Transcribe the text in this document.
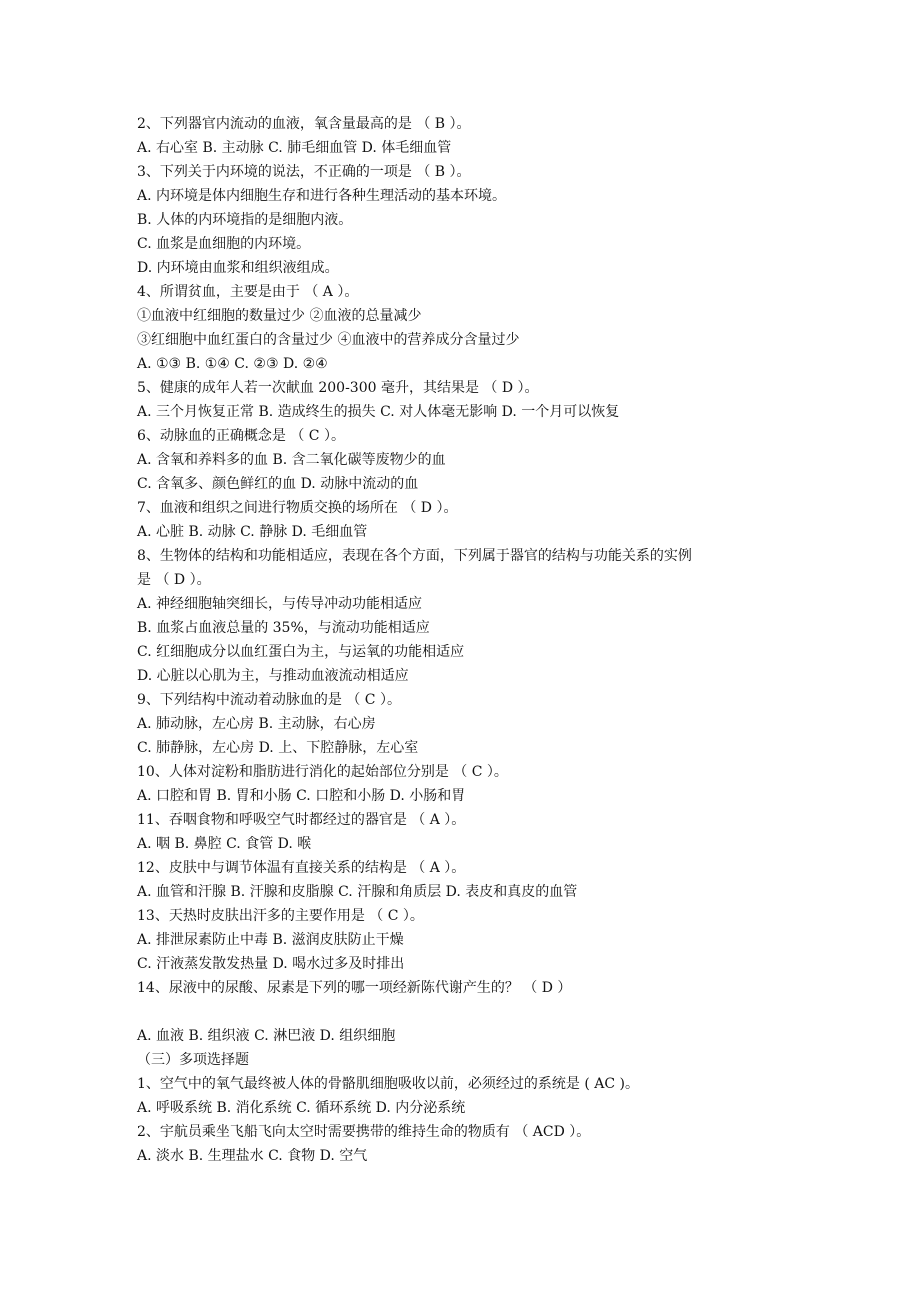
2、下列器官内流动的血液，氧含量最高的是 （ B ）。
A. 右心室 B. 主动脉 C. 肺毛细血管 D. 体毛细血管
3、下列关于内环境的说法，不正确的一项是 （ B ）。
A. 内环境是体内细胞生存和进行各种生理活动的基本环境。
B. 人体的内环境指的是细胞内液。
C. 血浆是血细胞的内环境。
D. 内环境由血浆和组织液组成。
4、所谓贫血，主要是由于 （ A ）。
①血液中红细胞的数量过少 ②血液的总量减少
③红细胞中血红蛋白的含量过少 ④血液中的营养成分含量过少
A. ①③ B. ①④ C. ②③ D. ②④
5、健康的成年人若一次献血 200-300 毫升，其结果是 （ D ）。
A. 三个月恢复正常 B. 造成终生的损失 C. 对人体毫无影响 D. 一个月可以恢复
6、动脉血的正确概念是 （ C ）。
A. 含氧和养料多的血 B. 含二氧化碳等废物少的血
C. 含氧多、颜色鲜红的血 D. 动脉中流动的血
7、血液和组织之间进行物质交换的场所在 （ D ）。
A. 心脏 B. 动脉 C. 静脉 D. 毛细血管
8、生物体的结构和功能相适应，表现在各个方面，下列属于器官的结构与功能关系的实例
是 （ D ）。
A. 神经细胞轴突细长，与传导冲动功能相适应
B. 血浆占血液总量的 35%，与流动功能相适应
C. 红细胞成分以血红蛋白为主，与运氧的功能相适应
D. 心脏以心肌为主，与推动血液流动相适应
9、下列结构中流动着动脉血的是 （ C ）。
A. 肺动脉，左心房 B. 主动脉，右心房
C. 肺静脉，左心房 D. 上、下腔静脉，左心室
10、人体对淀粉和脂肪进行消化的起始部位分别是 （ C ）。
A. 口腔和胃 B. 胃和小肠 C. 口腔和小肠 D. 小肠和胃
11、吞咽食物和呼吸空气时都经过的器官是 （ A ）。
A. 咽 B. 鼻腔 C. 食管 D. 喉
12、皮肤中与调节体温有直接关系的结构是 （ A ）。
A. 血管和汗腺 B. 汗腺和皮脂腺 C. 汗腺和角质层 D. 表皮和真皮的血管
13、天热时皮肤出汗多的主要作用是 （ C ）。
A. 排泄尿素防止中毒 B. 滋润皮肤防止干燥
C. 汗液蒸发散发热量 D. 喝水过多及时排出
14、尿液中的尿酸、尿素是下列的哪一项经新陈代谢产生的？ （ D ）
A. 血液 B. 组织液 C. 淋巴液 D. 组织细胞
（三）多项选择题
1、空气中的氧气最终被人体的骨骼肌细胞吸收以前，必须经过的系统是 ( AC )。
A. 呼吸系统 B. 消化系统 C. 循环系统 D. 内分泌系统
2、宇航员乘坐飞船飞向太空时需要携带的维持生命的物质有 （ ACD ）。
A. 淡水 B. 生理盐水 C. 食物 D. 空气
